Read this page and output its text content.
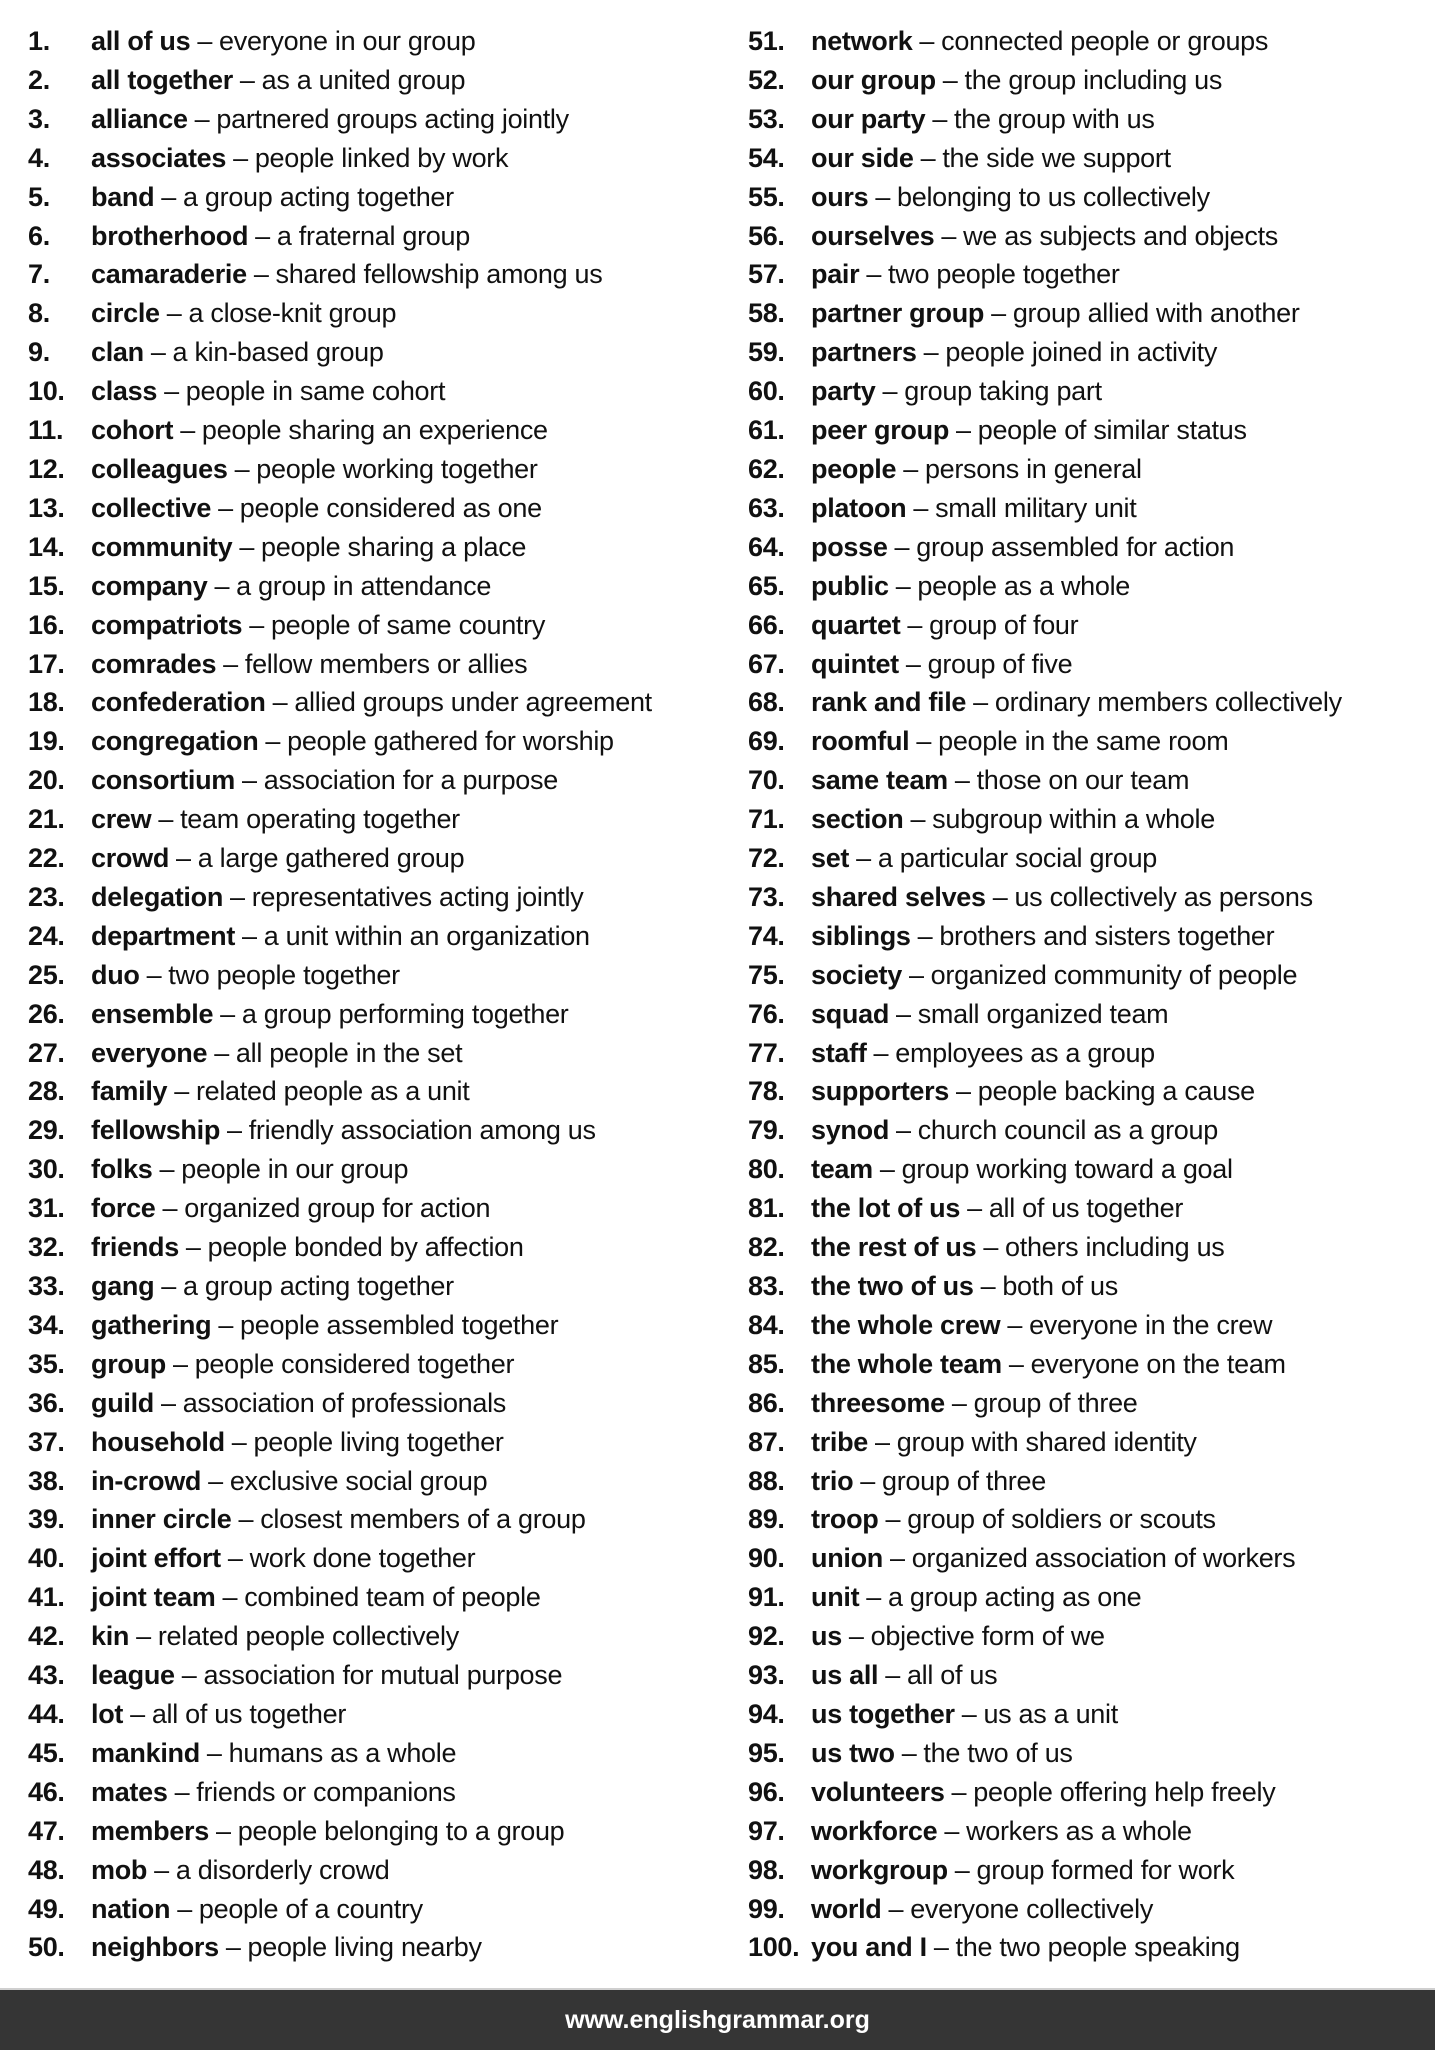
1.	all of us – everyone in our group
2.	all together – as a united group
3.	alliance – partnered groups acting jointly
4.	associates – people linked by work
5.	band – a group acting together
6.	brotherhood – a fraternal group
7.	camaraderie – shared fellowship among us
8.	circle – a close-knit group
9.	clan – a kin-based group
10. class – people in same cohort
11.	cohort – people sharing an experience
12. colleagues – people working together
13. collective – people considered as one
14. community – people sharing a place
15. company – a group in attendance
16. compatriots – people of same country
17. comrades – fellow members or allies
18. confederation – allied groups under agreement
19. congregation – people gathered for worship
20. consortium – association for a purpose
21. crew – team operating together
22. crowd – a large gathered group
23. delegation – representatives acting jointly
24. department – a unit within an organization
25. duo – two people together
26. ensemble – a group performing together
27. everyone – all people in the set
28. family – related people as a unit
29. fellowship – friendly association among us
30. folks – people in our group
31. force – organized group for action
32. friends – people bonded by affection
33. gang – a group acting together
34. gathering – people assembled together
35. group – people considered together
36. guild – association of professionals
37. household – people living together
38. in-crowd – exclusive social group
39. inner circle – closest members of a group
40. joint effort – work done together
41. joint team – combined team of people
42. kin – related people collectively
43. league – association for mutual purpose
44. lot – all of us together
45. mankind – humans as a whole
46. mates – friends or companions
47. members – people belonging to a group
48. mob – a disorderly crowd
49. nation – people of a country
50. neighbors – people living nearby
51. network – connected people or groups
52. our group – the group including us
53. our party – the group with us
54. our side – the side we support
55. ours – belonging to us collectively
56. ourselves – we as subjects and objects
57. pair – two people together
58. partner group – group allied with another
59. partners – people joined in activity
60. party – group taking part
61. peer group – people of similar status
62. people – persons in general
63. platoon – small military unit
64. posse – group assembled for action
65. public – people as a whole
66. quartet – group of four
67. quintet – group of five
68. rank and file – ordinary members collectively
69. roomful – people in the same room
70. same team – those on our team
71. section – subgroup within a whole
72. set – a particular social group
73. shared selves – us collectively as persons
74. siblings – brothers and sisters together
75. society – organized community of people
76. squad – small organized team
77. staff – employees as a group
78. supporters – people backing a cause
79. synod – church council as a group
80. team – group working toward a goal
81. the lot of us – all of us together
82. the rest of us – others including us
83. the two of us – both of us
84. the whole crew – everyone in the crew
85. the whole team – everyone on the team
86. threesome – group of three
87. tribe – group with shared identity
88. trio – group of three
89. troop – group of soldiers or scouts
90. union – organized association of workers
91. unit – a group acting as one
92. us – objective form of we
93. us all – all of us
94. us together – us as a unit
95. us two – the two of us
96. volunteers – people offering help freely
97. workforce – workers as a whole
98. workgroup – group formed for work
99. world – everyone collectively
100. you and I – the two people speaking
www.englishgrammar.org
